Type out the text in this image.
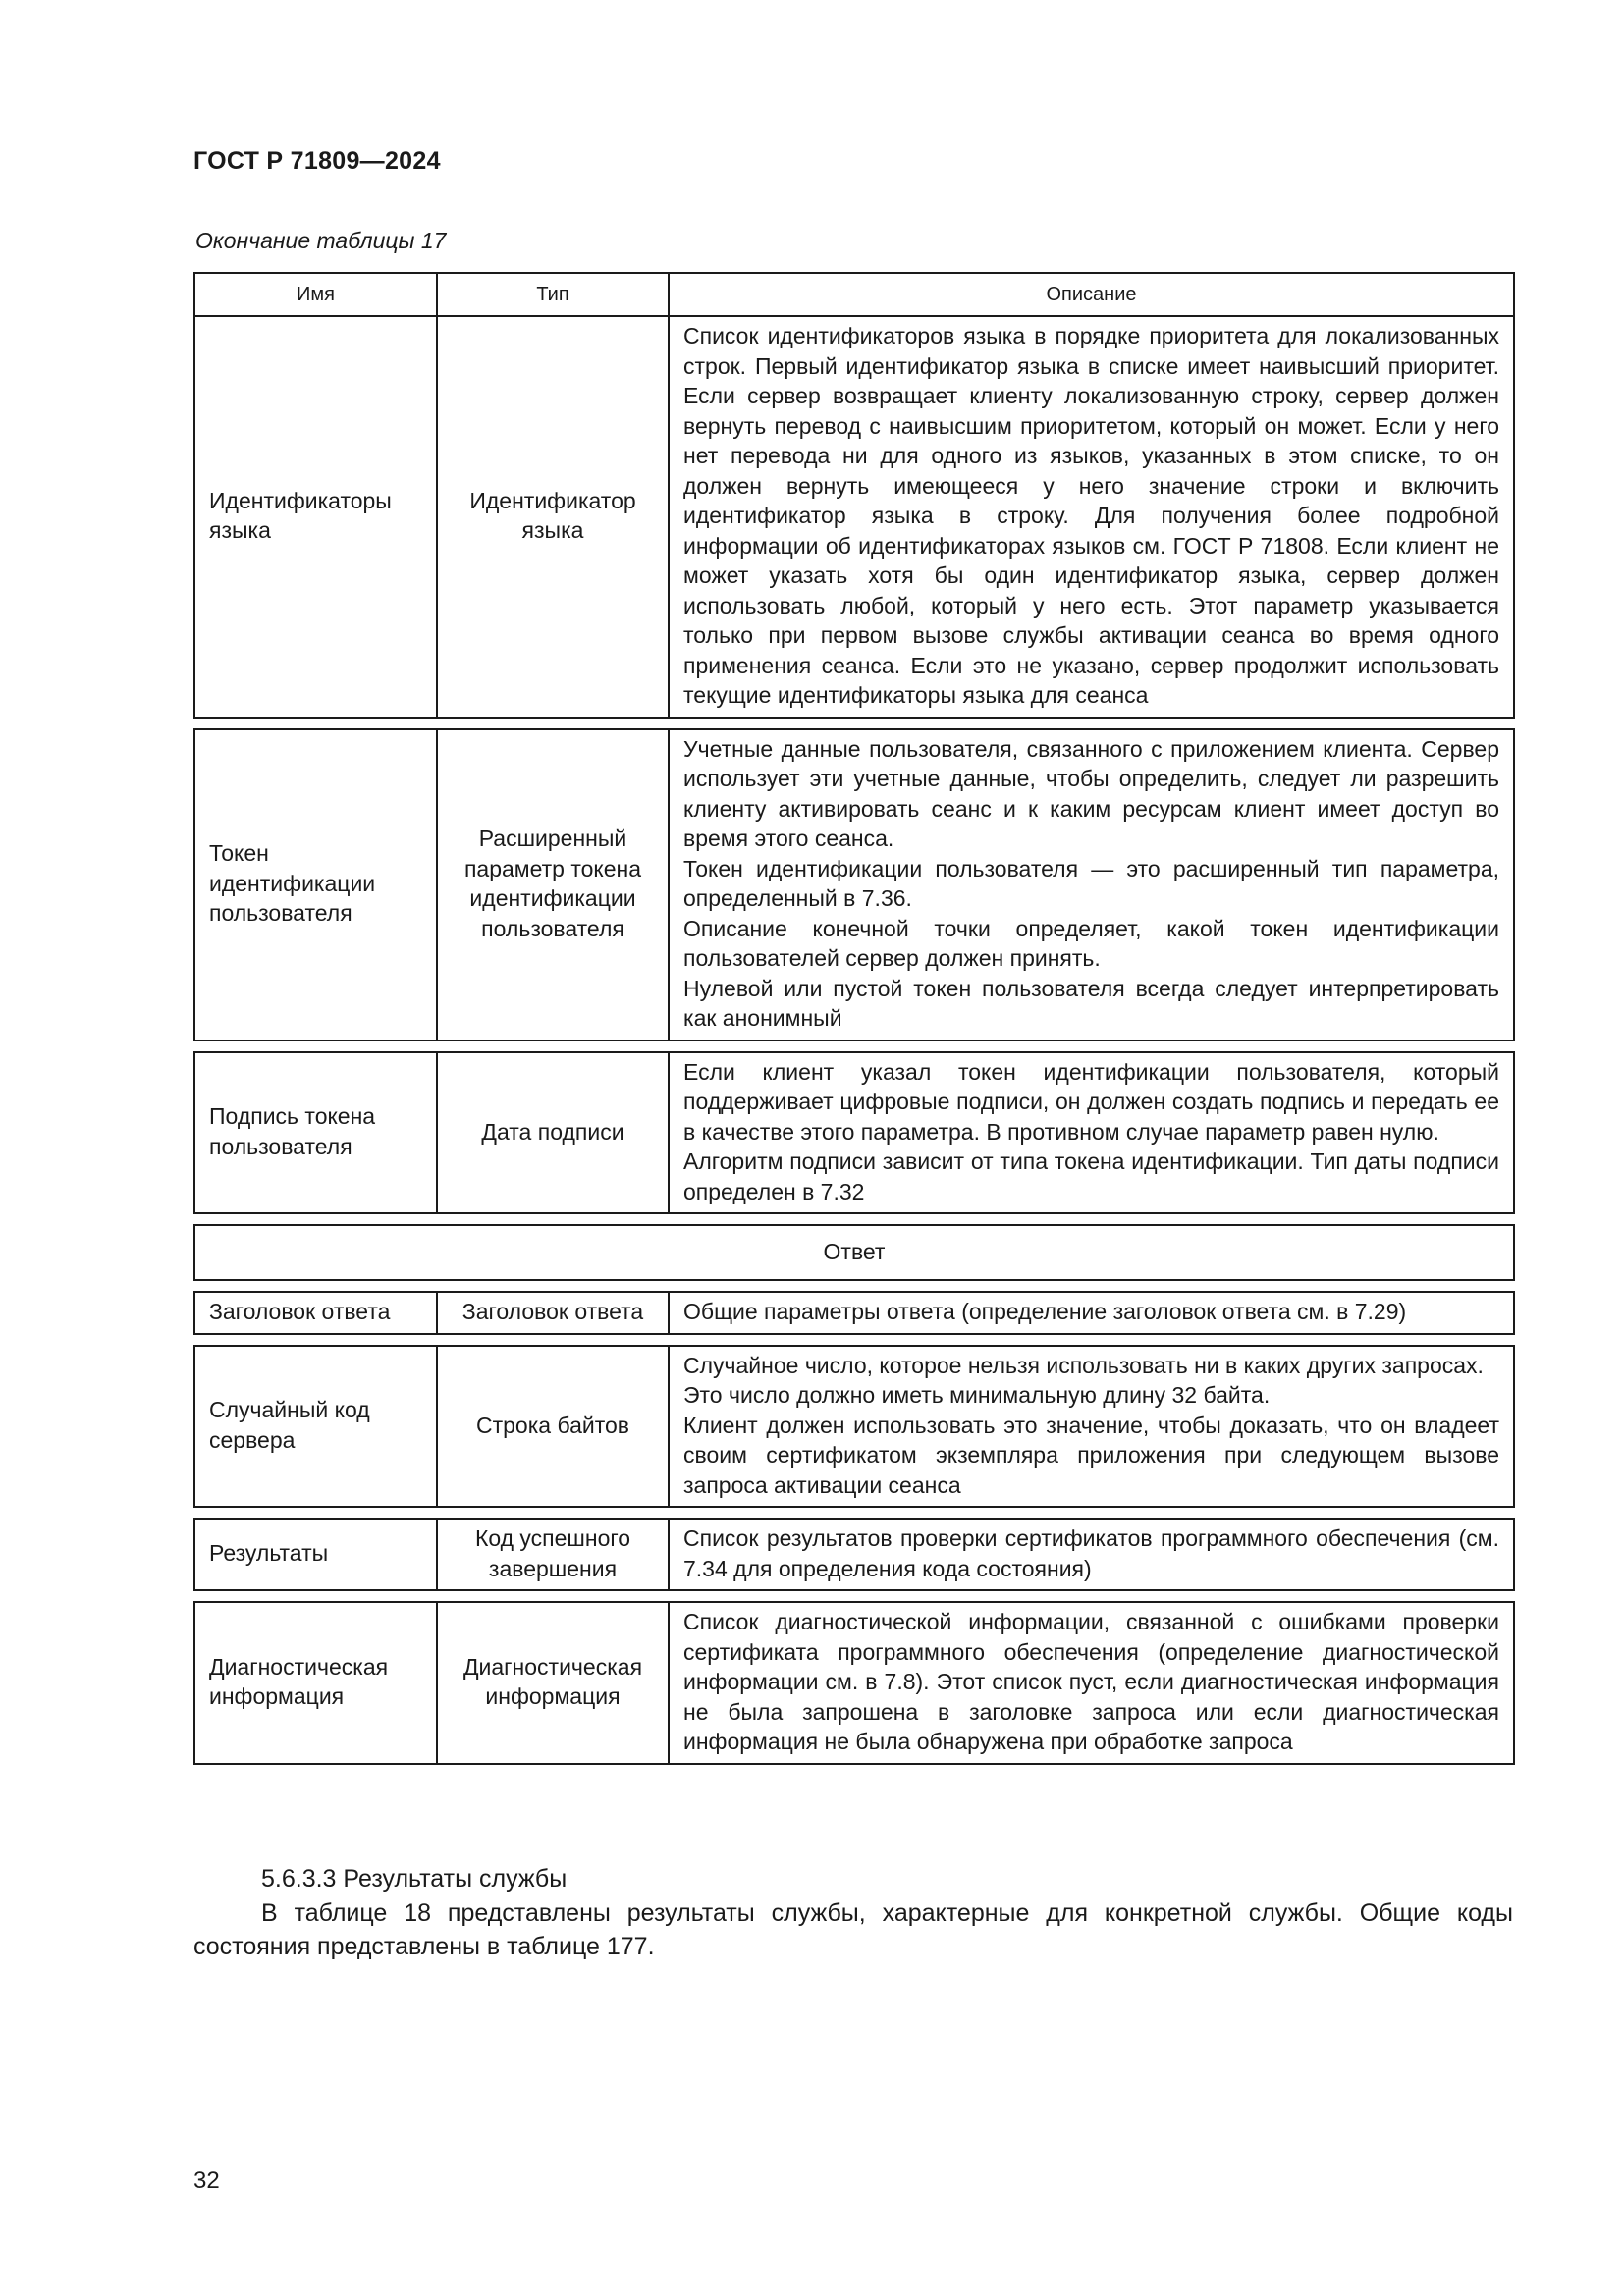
ГОСТ Р 71809—2024
Окончание таблицы 17
Имя	Тип	Описание
Идентификаторы языка	Идентификатор языка	Список идентификаторов языка в порядке приоритета для локализованных строк. Первый идентификатор языка в списке имеет наивысший приоритет. Если сервер возвращает клиенту локализованную строку, сервер должен вернуть перевод с наивысшим приоритетом, который он может. Если у него нет перевода ни для одного из языков, указанных в этом списке, то он должен вернуть имеющееся у него значение строки и включить идентификатор языка в строку. Для получения более подробной информации об идентификаторах языков см. ГОСТ Р 71808. Если клиент не может указать хотя бы один идентификатор языка, сервер должен использовать любой, который у него есть. Этот параметр указывается только при первом вызове службы активации сеанса во время одного применения сеанса. Если это не указано, сервер продолжит использовать текущие идентификаторы языка для сеанса

Токен идентификации пользователя	Расширенный параметр токена идентификации пользователя	Учетные данные пользователя, связанного с приложением клиента. Сервер использует эти учетные данные, чтобы определить, следует ли разрешить клиенту активировать сеанс и к каким ресурсам клиент имеет доступ во время этого сеанса.
Токен идентификации пользователя — это расширенный тип параметра, определенный в 7.36.
Описание конечной точки определяет, какой токен идентификации пользователей сервер должен принять.
Нулевой или пустой токен пользователя всегда следует интерпретировать как анонимный

Подпись токена пользователя	Дата подписи	Если клиент указал токен идентификации пользователя, который поддерживает цифровые подписи, он должен создать подпись и передать ее в качестве этого параметра. В противном случае параметр равен нулю.
Алгоритм подписи зависит от типа токена идентификации. Тип даты подписи определен в 7.32

Ответ		

Заголовок ответа	Заголовок ответа	Общие параметры ответа (определение заголовок ответа см. в 7.29)

Случайный код сервера	Строка байтов	Случайное число, которое нельзя использовать ни в каких других запросах.
Это число должно иметь минимальную длину 32 байта.
Клиент должен использовать это значение, чтобы доказать, что он владеет своим сертификатом экземпляра приложения при следующем вызове запроса активации сеанса

Результаты	Код успешного завершения	Список результатов проверки сертификатов программного обеспечения (см. 7.34 для определения кода состояния)

Диагностическая информация	Диагностическая информация	Список диагностической информации, связанной с ошибками проверки сертификата программного обеспечения (определение диагностической информации см. в 7.8). Этот список пуст, если диагностическая информация не была запрошена в заголовке запроса или если диагностическая информация не была обнаружена при обработке запроса
5.6.3.3 Результаты службы
В таблице 18 представлены результаты службы, характерные для конкретной службы. Общие коды состояния представлены в таблице 177.
32
